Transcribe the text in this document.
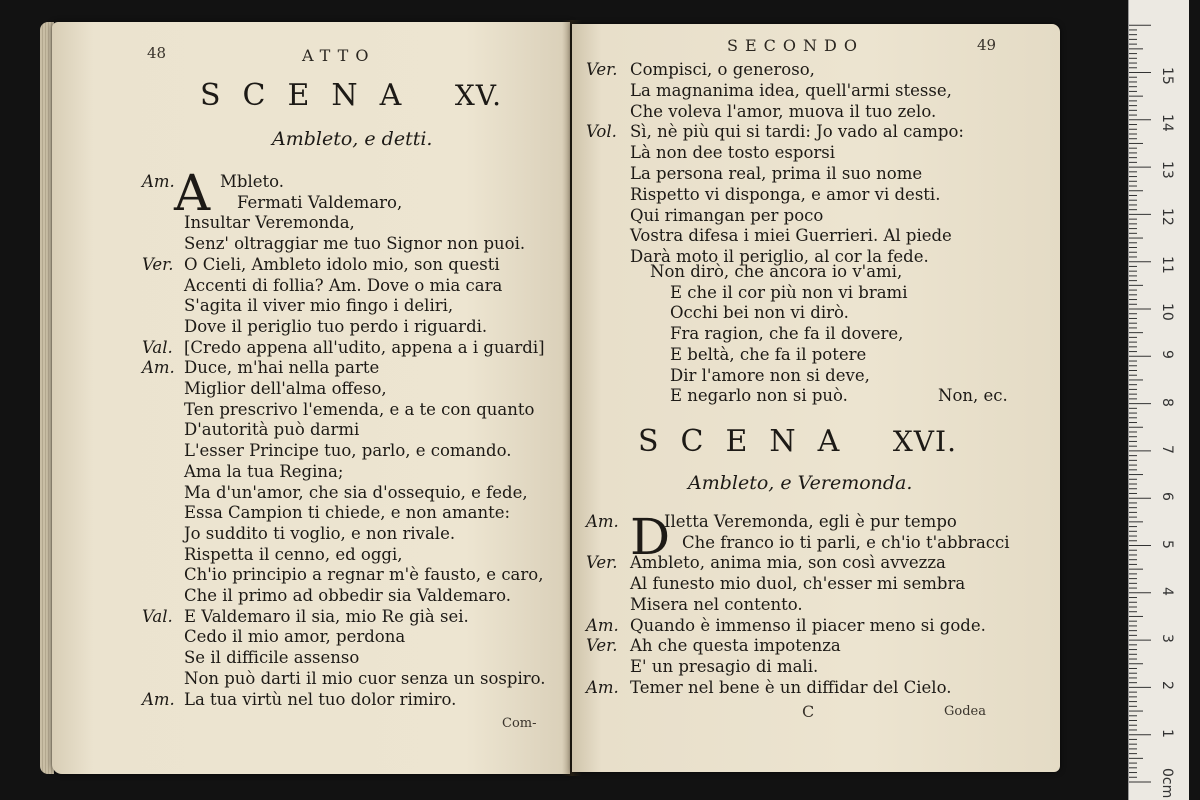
48	ATTO
SCENA XV.
Ambleto, e detti.
A
Am.	Mbleto.
Fermati Valdemaro,
Insultar Veremonda,
Senz' oltraggiar me tuo Signor non puoi.
Ver. O Cieli, Ambleto idolo mio, son questi
Accenti di follia? Am. Dove o mia cara
S'agita il viver mio fingo i deliri,
Dove il periglio tuo perdo i riguardi.
Val. [Credo appena all'udito, appena a i guardi]
Am. Duce, m'hai nella parte
Miglior dell'alma offeso,
Ten prescrivo l'emenda, e a te con quanto
D'autorità può darmi
L'esser Principe tuo, parlo, e comando.
Ama la tua Regina;
Ma d'un'amor, che sia d'ossequio, e fede,
Essa Campion ti chiede, e non amante:
Jo suddito ti voglio, e non rivale.
Rispetta il cenno, ed oggi,
Ch'io principio a regnar m'è fausto, e caro,
Che il primo ad obbedir sia Valdemaro.
Val. E Valdemaro il sia, mio Re già sei.
Cedo il mio amor, perdona
Se il difficile assenso
Non può darti il mio cuor senza un sospiro.
Am. La tua virtù nel tuo dolor rimiro.
Com-
SECONDO	49
Ver. Compisci, o generoso,
La magnanima idea, quell'armi stesse,
Che voleva l'amor, muova il tuo zelo.
Vol. Sì, nè più qui si tardi: Jo vado al campo:
Là non dee tosto esporsi
La persona real, prima il suo nome
Rispetto vi disponga, e amor vi desti.
Qui rimangan per poco
Vostra difesa i miei Guerrieri. Al piede
Darà moto il periglio, al cor la fede.
Non dirò, che ancora io v'ami,
E che il cor più non vi brami
Occhi bei non vi dirò.
Fra ragion, che fa il dovere,
E beltà, che fa il potere
Dir l'amore non si deve,
E negarlo non si può.	Non, ec.
SCENA XVI.
Ambleto, e Veremonda.
D
Am.	Iletta Veremonda, egli è pur tempo
Che franco io ti parli, e ch'io t'abbracci
Ver. Ambleto, anima mia, son così avvezza
Al funesto mio duol, ch'esser mi sembra
Misera nel contento.
Am. Quando è immenso il piacer meno si gode.
Ver. Ah che questa impotenza
E' un presagio di mali.
Am. Temer nel bene è un diffidar del Cielo.
C	Godea
0cm
1
2
3
4
5
6
7
8
9
10
11
12
13
14
15
